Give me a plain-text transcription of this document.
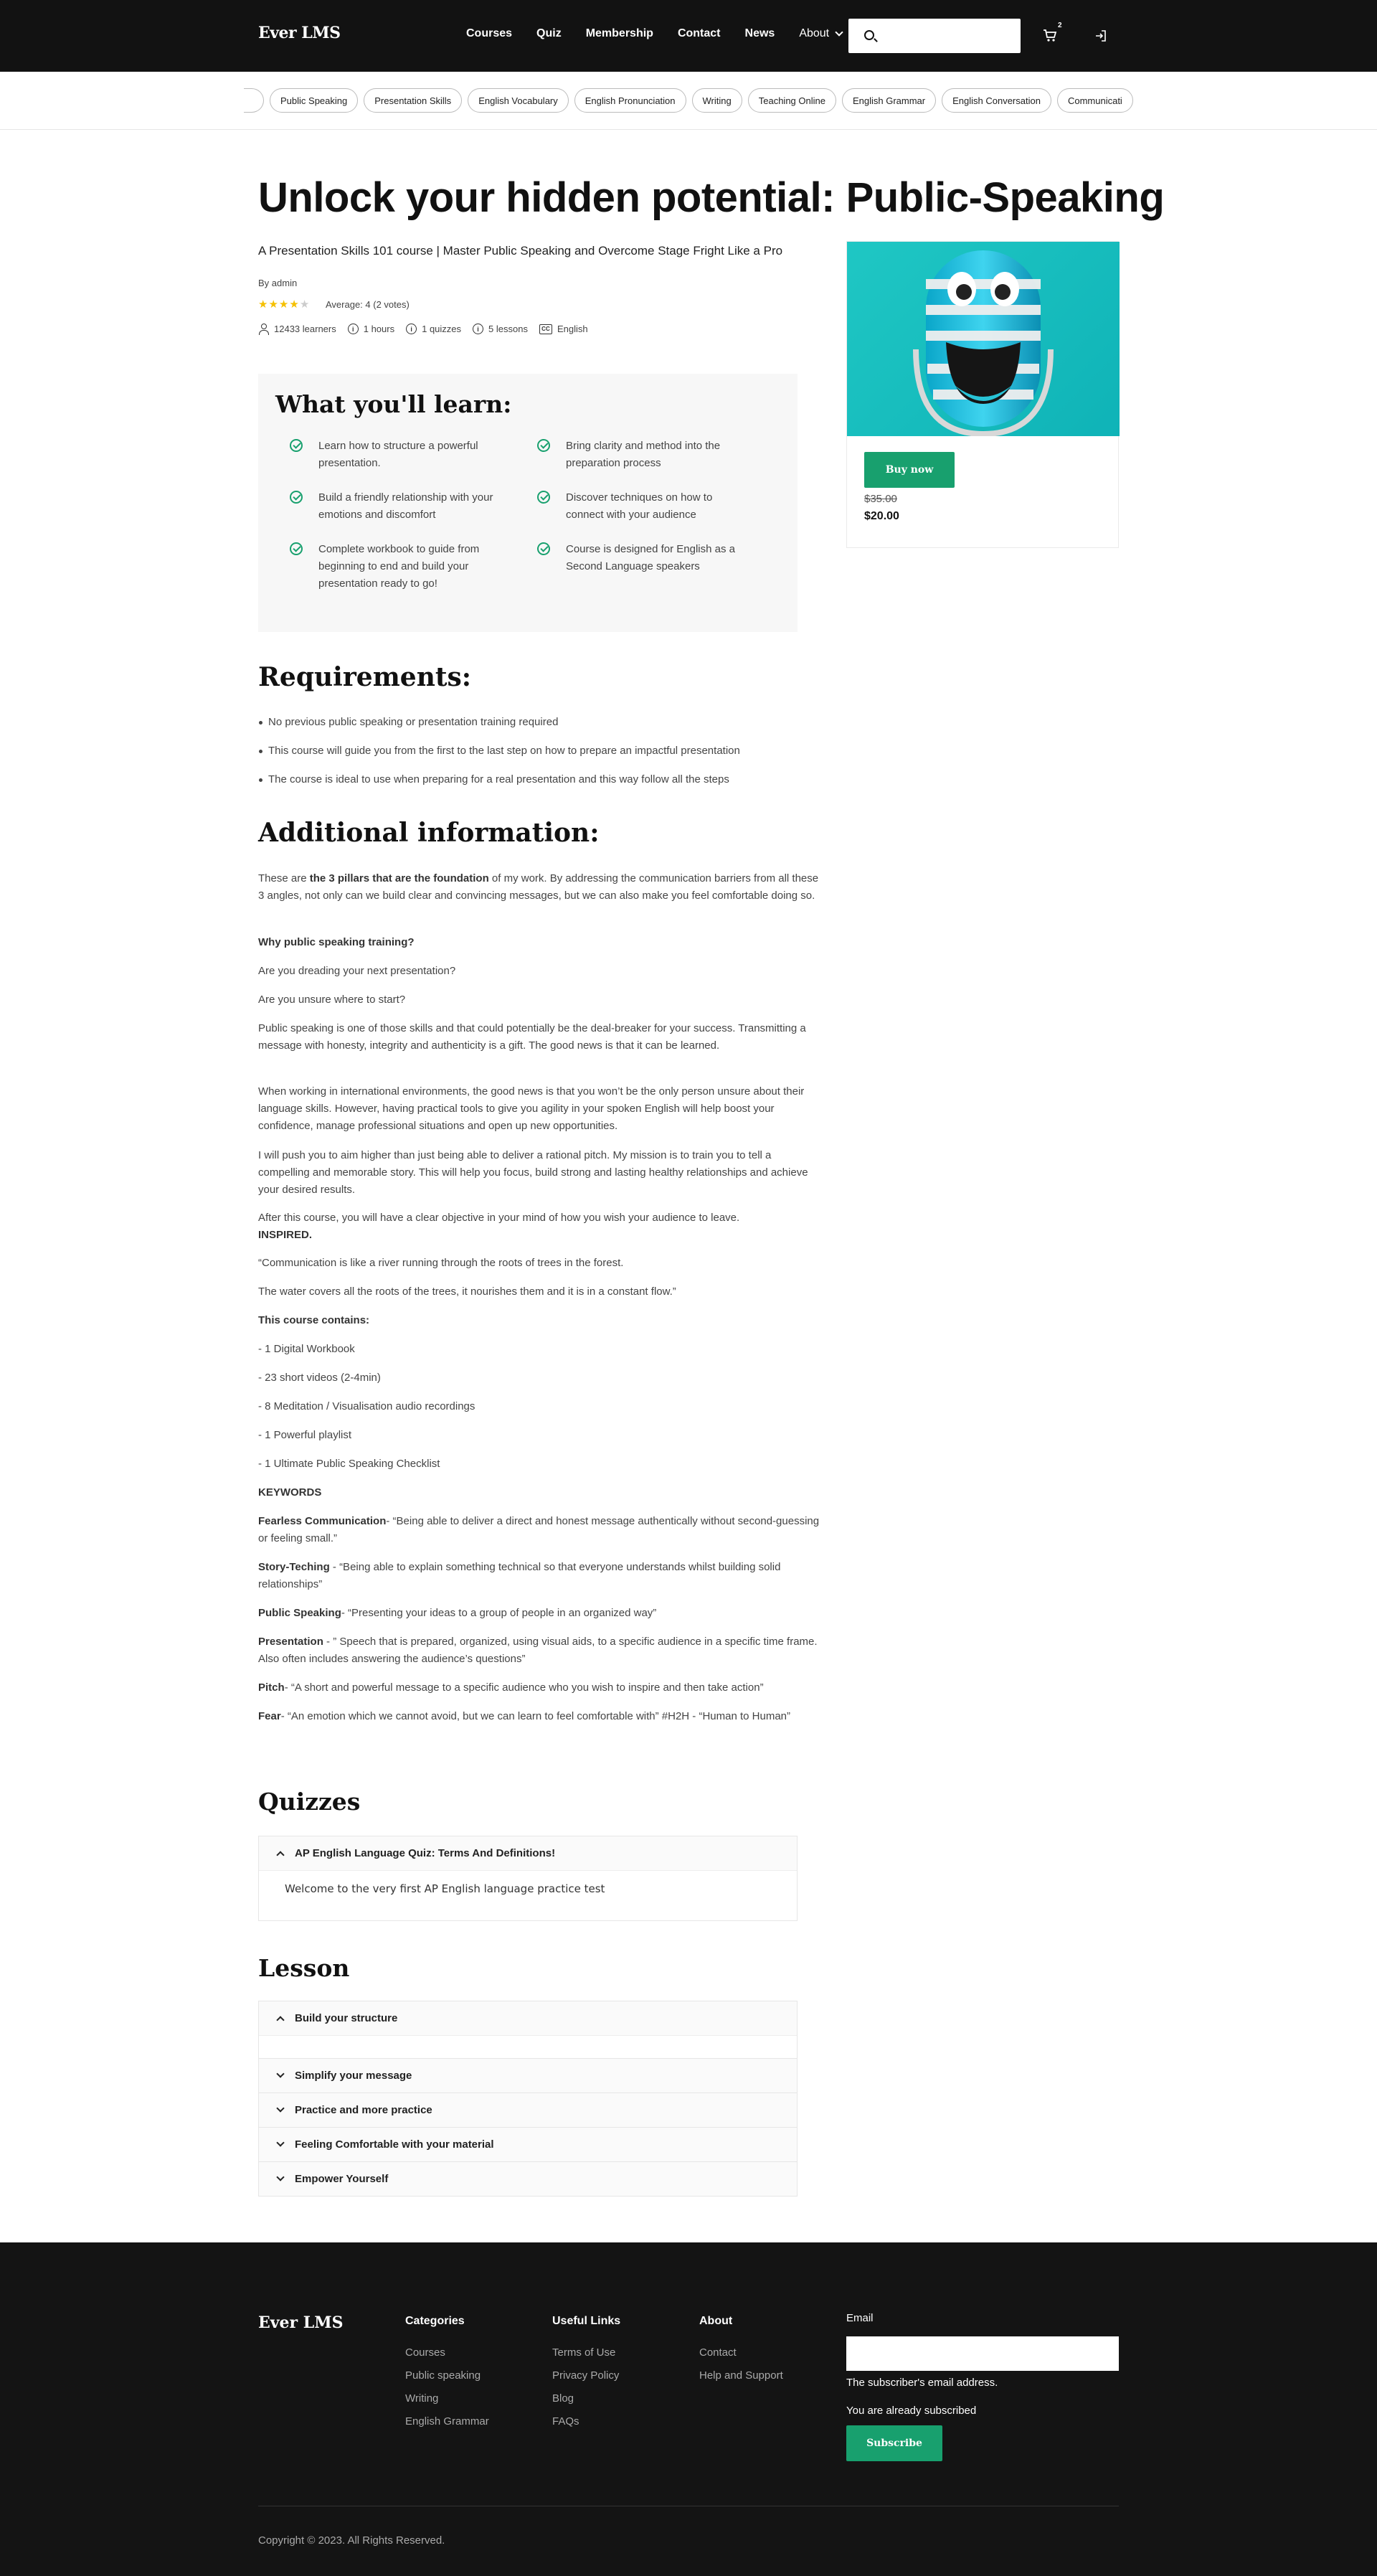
Ever LMS	Courses Quiz Membership Contact News About
2
Public Speaking	Presentation Skills	English Vocabulary	English Pronunciation	Writing	Teaching Online	English Grammar	English Conversation	Communicati
Unlock your hidden potential: Public-Speaking
A Presentation Skills 101 course | Master Public Speaking and Overcome Stage Fright Like a Pro
By admin
★★★★★ Average: 4 (2 votes)
12433 learners	i	1 hours	i	1 quizzes	i	5 lessons	CC English
Buy now
$35.00
$20.00
What you'll learn:
Learn how to structure a powerful presentation.
Bring clarity and method into the preparation process
Build a friendly relationship with your emotions and discomfort
Discover techniques on how to connect with your audience
Complete workbook to guide from beginning to end and build your presentation ready to go!
Course is designed for English as a Second Language speakers
Requirements:
No previous public speaking or presentation training required
This course will guide you from the first to the last step on how to prepare an impactful presentation
The course is ideal to use when preparing for a real presentation and this way follow all the steps
Additional information:

These are the 3 pillars that are the foundation of my work. By addressing the communication barriers from all these 3 angles, not only can we build clear and convincing messages, but we can also make you feel comfortable doing so.

Why public speaking training?

Are you dreading your next presentation?

Are you unsure where to start?

Public speaking is one of those skills and that could potentially be the deal-breaker for your success. Transmitting a message with honesty, integrity and authenticity is a gift. The good news is that it can be learned.

When working in international environments, the good news is that you won’t be the only person unsure about their language skills. However, having practical tools to give you agility in your spoken English will help boost your confidence, manage professional situations and open up new opportunities.

I will push you to aim higher than just being able to deliver a rational pitch. My mission is to train you to tell a compelling and memorable story. This will help you focus, build strong and lasting healthy relationships and achieve your desired results.

After this course, you will have a clear objective in your mind of how you wish your audience to leave.
INSPIRED.

“Communication is like a river running through the roots of trees in the forest.

The water covers all the roots of the trees, it nourishes them and it is in a constant flow.”

This course contains:

- 1 Digital Workbook

- 23 short videos (2-4min)

- 8 Meditation / Visualisation audio recordings

- 1 Powerful playlist

- 1 Ultimate Public Speaking Checklist

KEYWORDS

Fearless Communication- “Being able to deliver a direct and honest message authentically without second-guessing or feeling small.”

Story-Teching - “Being able to explain something technical so that everyone understands whilst building solid relationships”

Public Speaking- “Presenting your ideas to a group of people in an organized way”

Presentation - ” Speech that is prepared, organized, using visual aids, to a specific audience in a specific time frame. Also often includes answering the audience’s questions”

Pitch- “A short and powerful message to a specific audience who you wish to inspire and then take action”

Fear- “An emotion which we cannot avoid, but we can learn to feel comfortable with” #H2H - “Human to Human”

Quizzes
AP English Language Quiz: Terms And Definitions!
Welcome to the very first AP English language practice test
Lesson
Build your structure
Simplify your message
Practice and more practice
Feeling Comfortable with your material
Empower Yourself
Ever LMS	Categories
Courses
Public speaking
Writing
English Grammar
Useful Links
Terms of Use
Privacy Policy
Blog
FAQs
About
Contact
Help and Support
Email
The subscriber's email address.
You are already subscribed
Subscribe
Copyright © 2023. All Rights Reserved.
